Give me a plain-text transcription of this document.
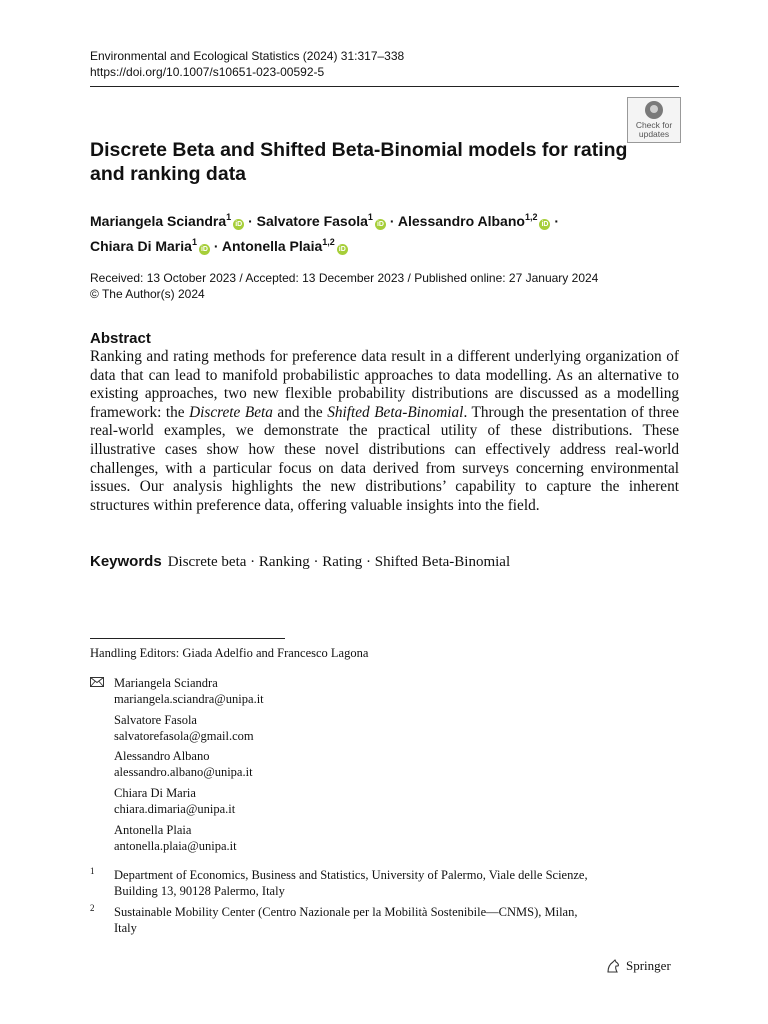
Environmental and Ecological Statistics (2024) 31:317–338
https://doi.org/10.1007/s10651-023-00592-5
Check for
updates
Discrete Beta and Shifted Beta-Binomial models for rating and ranking data
Mariangela Sciandra$^1$iD · Salvatore Fasola$^1$iD · Alessandro Albano$^{1,2}$iD ·
Chiara Di Maria$^1$iD · Antonella Plaia$^{1,2}$iD
Received: 13 October 2023 / Accepted: 13 December 2023 / Published online: 27 January 2024
© The Author(s) 2024
Abstract

Ranking and rating methods for preference data result in a different underlying organization of data that can lead to manifold probabilistic approaches to data modelling. As an alternative to existing approaches, two new flexible probability distributions are discussed as a modelling framework: the Discrete Beta and the Shifted Beta-Binomial. Through the presentation of three real-world examples, we demonstrate the practical utility of these distributions. These illustrative cases show how these novel distributions can effectively address real-world challenges, with a particular focus on data derived from surveys concerning environmental issues. Our analysis highlights the new distributions’ capability to capture the inherent structures within preference data, offering valuable insights into the field.

Keywords Discrete beta · Ranking · Rating · Shifted Beta-Binomial
Handling Editors: Giada Adelfio and Francesco Lagona
Mariangela Sciandra
mariangela.sciandra@unipa.it
Salvatore Fasola
salvatorefasola@gmail.com
Alessandro Albano
alessandro.albano@unipa.it
Chiara Di Maria
chiara.dimaria@unipa.it
Antonella Plaia
antonella.plaia@unipa.it
1 Department of Economics, Business and Statistics, University of Palermo, Viale delle Scienze,
Building 13, 90128 Palermo, Italy
2 Sustainable Mobility Center (Centro Nazionale per la Mobilità Sostenibile—CNMS), Milan,
Italy
Springer
